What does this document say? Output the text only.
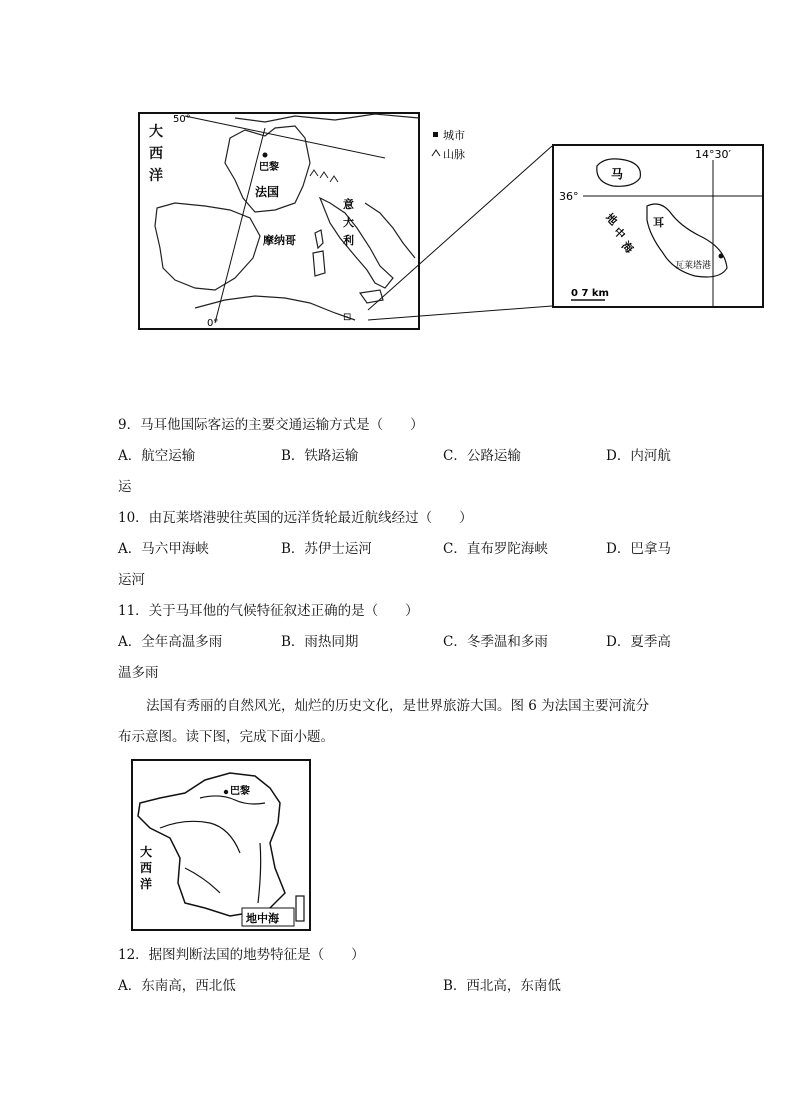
50°
0°
大
西
洋
巴黎
法国
摩纳哥
意
大
利
⊡
城市
山脉	14°30′
36°
马
耳
地
中
海
瓦莱塔港
0 7 km
9．马耳他国际客运的主要交通运输方式是（　　）
A．航空运输	B．铁路运输	C．公路运输	D．内河航
运
10．由瓦莱塔港驶往英国的远洋货轮最近航线经过（　　）
A．马六甲海峡	B．苏伊士运河	C．直布罗陀海峡	D．巴拿马
运河
11．关于马耳他的气候特征叙述正确的是（　　）
A．全年高温多雨	B．雨热同期	C．冬季温和多雨	D．夏季高
温多雨
法国有秀丽的自然风光，灿烂的历史文化，是世界旅游大国。图 6 为法国主要河流分
布示意图。读下图，完成下面小题。
巴黎
大
西
洋
地中海
12．据图判断法国的地势特征是（　　）
A．东南高，西北低	B．西北高，东南低
